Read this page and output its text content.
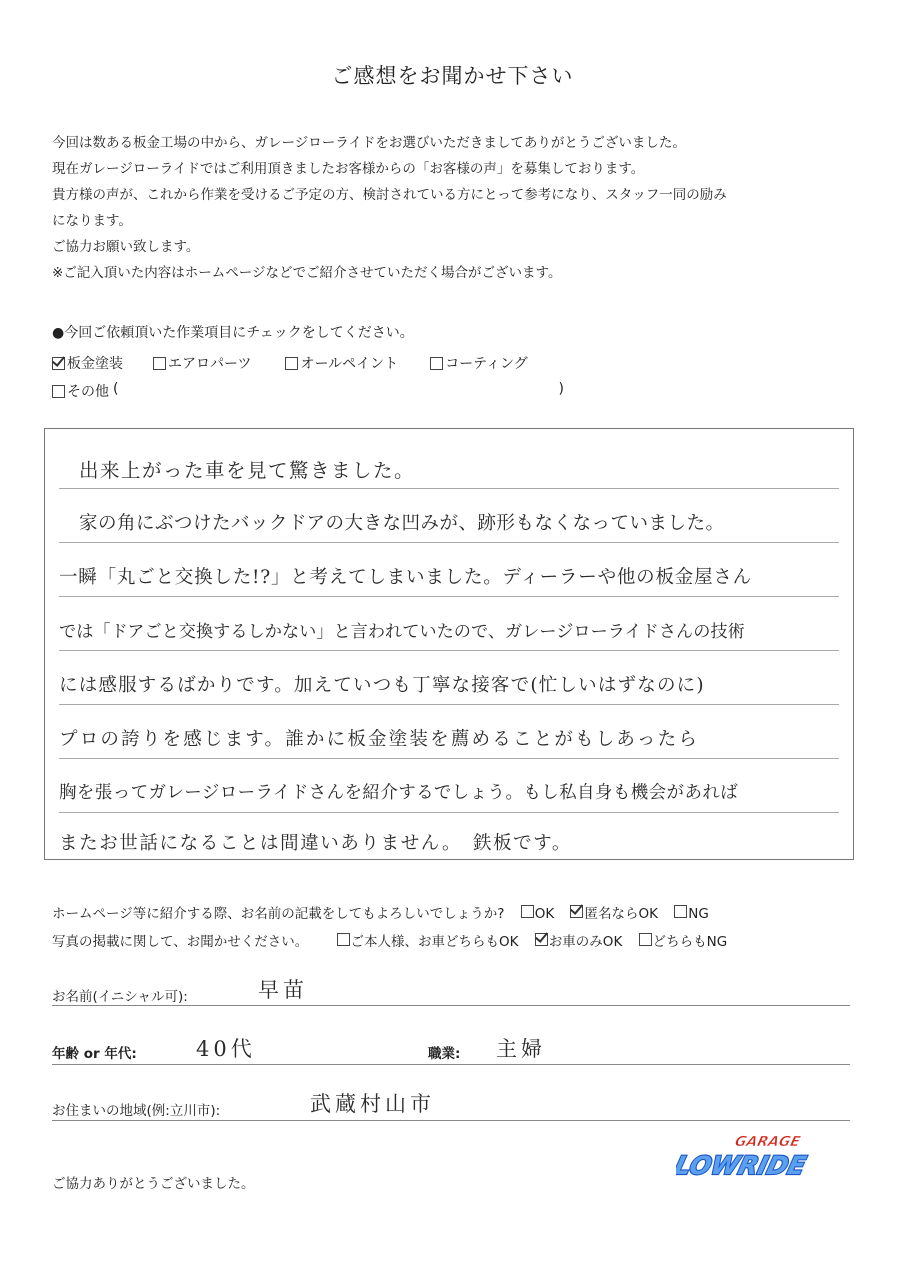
ご感想をお聞かせ下さい

今回は数ある板金工場の中から、ガレージローライドをお選びいただきましてありがとうございました。

現在ガレージローライドではご利用頂きましたお客様からの「お客様の声」を募集しております。

貴方様の声が、これから作業を受けるご予定の方、検討されている方にとって参考になり、スタッフ一同の励み

になります。

ご協力お願い致します。

※ご記入頂いた内容はホームページなどでご紹介させていただく場合がございます。

●今回ご依頼頂いた作業項目にチェックをしてください。
板金塗装	エアロパーツ	オールペイント	コーティング
その他 (	)
出来上がった車を見て驚きました。
家の角にぶつけたバックドアの大きな凹みが、跡形もなくなっていました。
一瞬「丸ごと交換した!?」と考えてしまいました。ディーラーや他の板金屋さん
では「ドアごと交換するしかない」と言われていたので、ガレージローライドさんの技術
には感服するばかりです。加えていつも丁寧な接客で(忙しいはずなのに)
プロの誇りを感じます。誰かに板金塗装を薦めることがもしあったら
胸を張ってガレージローライドさんを紹介するでしょう。もし私自身も機会があれば
またお世話になることは間違いありません。　鉄板です。
ホームページ等に紹介する際、お名前の記載をしてもよろしいでしょうか? OK 匿名ならOK NG
写真の掲載に関して、お聞かせください。	ご本人様、お車どちらもOK お車のみOK どちらもNG
お名前(イニシャル可):	早苗
年齢 or 年代:	40代	職業: 主婦
お住まいの地域(例:立川市):	武蔵村山市
ご協力ありがとうございました。
GARAGE
LOWRIDE
